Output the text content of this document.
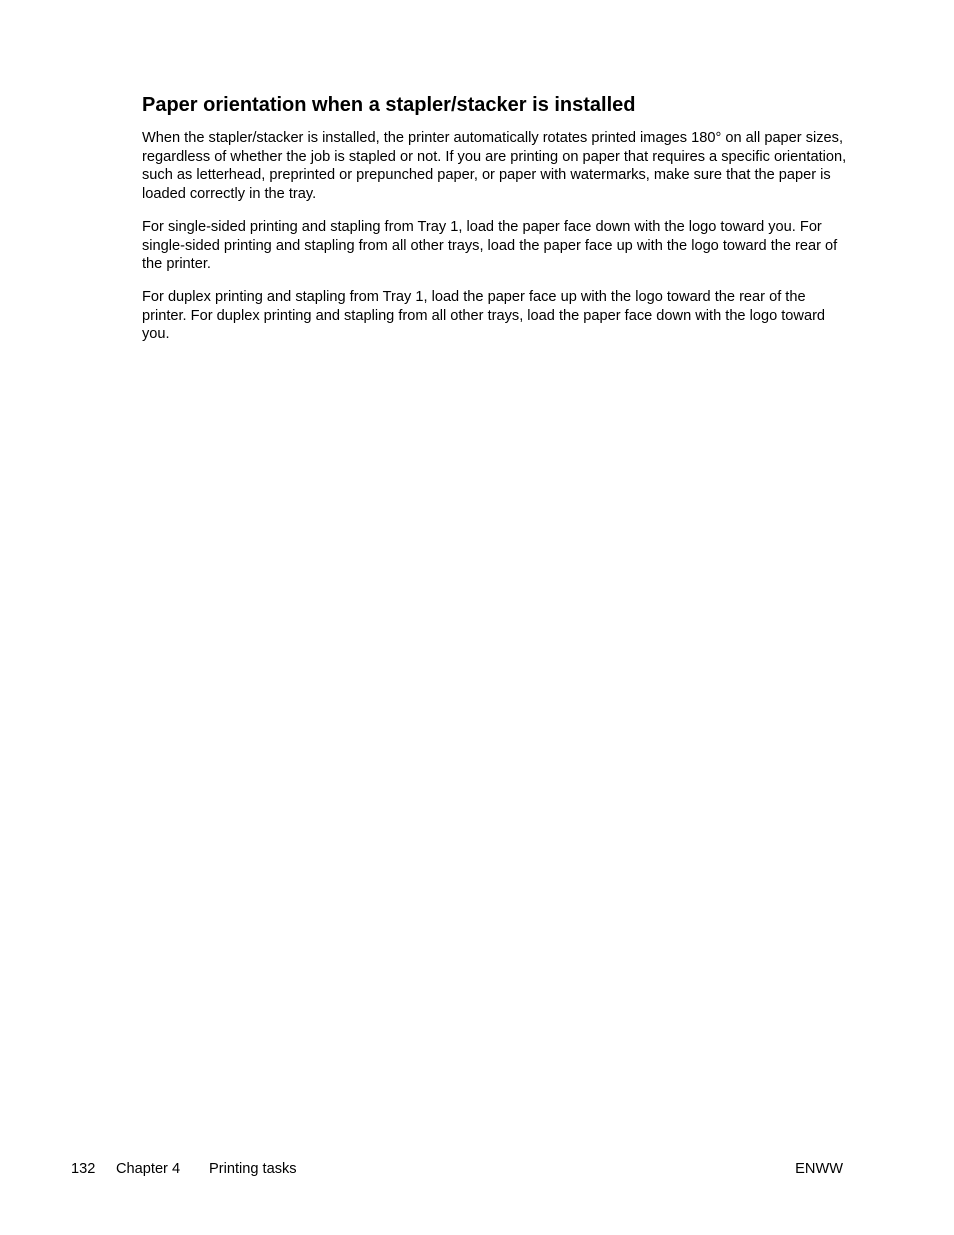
Paper orientation when a stapler/stacker is installed

When the stapler/stacker is installed, the printer automatically rotates printed images 180° on all paper sizes, regardless of whether the job is stapled or not. If you are printing on paper that requires a specific orientation, such as letterhead, preprinted or prepunched paper, or paper with watermarks, make sure that the paper is loaded correctly in the tray.

For single-sided printing and stapling from Tray 1, load the paper face down with the logo toward you. For single-sided printing and stapling from all other trays, load the paper face up with the logo toward the rear of the printer.

For duplex printing and stapling from Tray 1, load the paper face up with the logo toward the rear of the printer. For duplex printing and stapling from all other trays, load the paper face down with the logo toward you.

132 Chapter 4 Printing tasks	ENWW
